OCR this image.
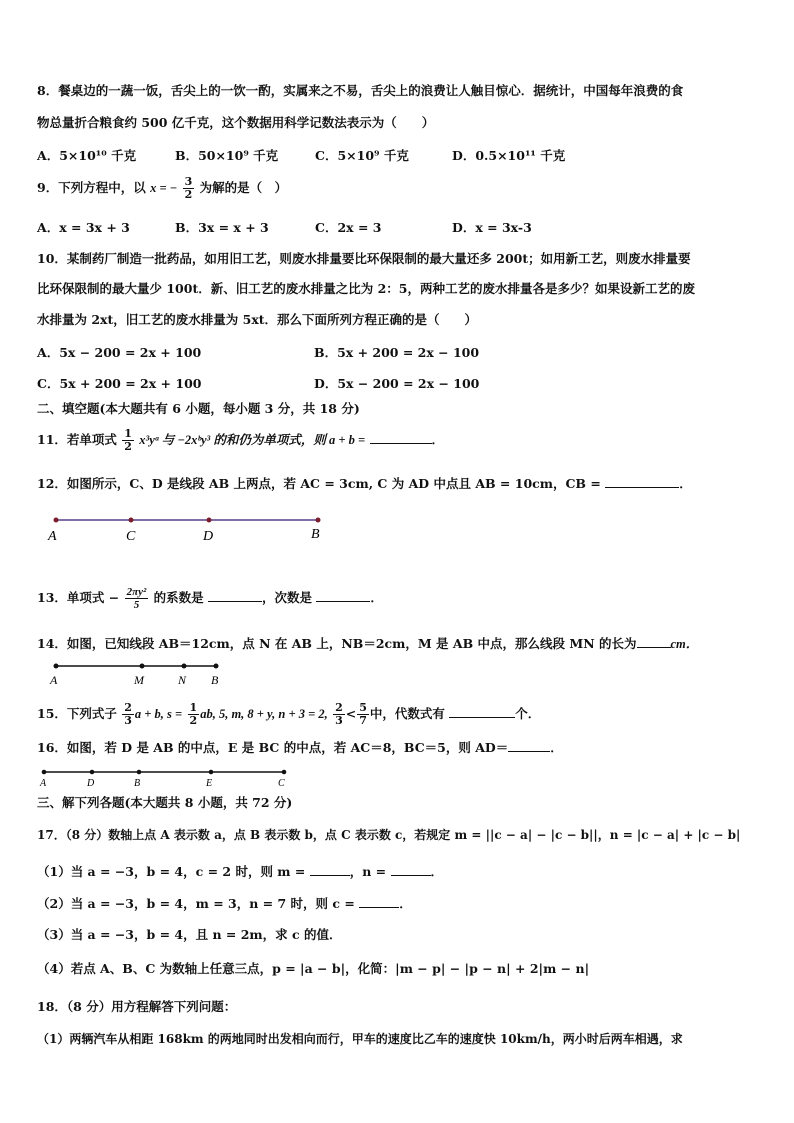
8．餐桌边的一蔬一饭，舌尖上的一饮一酌，实属来之不易，舌尖上的浪费让人触目惊心．据统计，中国每年浪费的食
物总量折合粮食约 500 亿千克，这个数据用科学记数法表示为（　　）
A．5×10¹⁰ 千克	B．50×10⁹ 千克	C．5×10⁹ 千克	D．0.5×10¹¹ 千克
9．下列方程中，以 x = − $\frac{3}{2}$ 为解的是（　）
A．x = 3x + 3	B．3x = x + 3	C．2x = 3	D．x = 3x-3
10．某制药厂制造一批药品，如用旧工艺，则废水排量要比环保限制的最大量还多 200t；如用新工艺，则废水排量要
比环保限制的最大量少 100t．新、旧工艺的废水排量之比为 2：5，两种工艺的废水排量各是多少？如果设新工艺的废
水排量为 2xt，旧工艺的废水排量为 5xt．那么下面所列方程正确的是（　　）
A．5x − 200 = 2x + 100	B．5x + 200 = 2x − 100
C．5x + 200 = 2x + 100	D．5x − 200 = 2x − 100
二、填空题(本大题共有 6 小题，每小题 3 分，共 18 分)
11．若单项式 $\frac{1}{2}$ x³yᵃ 与 −2xᵇy³ 的和仍为单项式，则 a + b =	．
12．如图所示，C、D 是线段 AB 上两点，若 AC = 3cm, C 为 AD 中点且 AB = 10cm，CB =	．
A	C	D	B
13．单项式 − $\frac{\text{2πy²}}{5}$ 的系数是	，次数是	．
14．如图，已知线段 AB＝12cm，点 N 在 AB 上，NB＝2cm，M 是 AB 中点，那么线段 MN 的长为	cm．
A	M	N B
15．下列式子 $\frac{2}{3}$ a + b, $s = \frac{1}{2}$ ab, 5, m, 8 + y, n + 3 = 2, $\frac{2}{3} < \frac{5}{7}$ 中，代数式有	个．
16．如图，若 D 是 AB 的中点，E 是 BC 的中点，若 AC＝8，BC＝5，则 AD＝	．
A	D	B	E	C
三、解下列各题(本大题共 8 小题，共 72 分)
17．（8 分）数轴上点 A 表示数 a，点 B 表示数 b，点 C 表示数 c，若规定 m = ||c − a| − |c − b||，n = |c − a| + |c − b|
（1）当 a = −3，b = 4，c = 2 时，则 m =	，n =	．
（2）当 a = −3，b = 4，m = 3，n = 7 时，则 c =	．
（3）当 a = −3，b = 4，且 n = 2m，求 c 的值．
（4）若点 A、B、C 为数轴上任意三点，p = |a − b|，化简：|m − p| − |p − n| + 2|m − n|
18．（8 分）用方程解答下列问题：
（1）两辆汽车从相距 168km 的两地同时出发相向而行，甲车的速度比乙车的速度快 10km/h，两小时后两车相遇，求
